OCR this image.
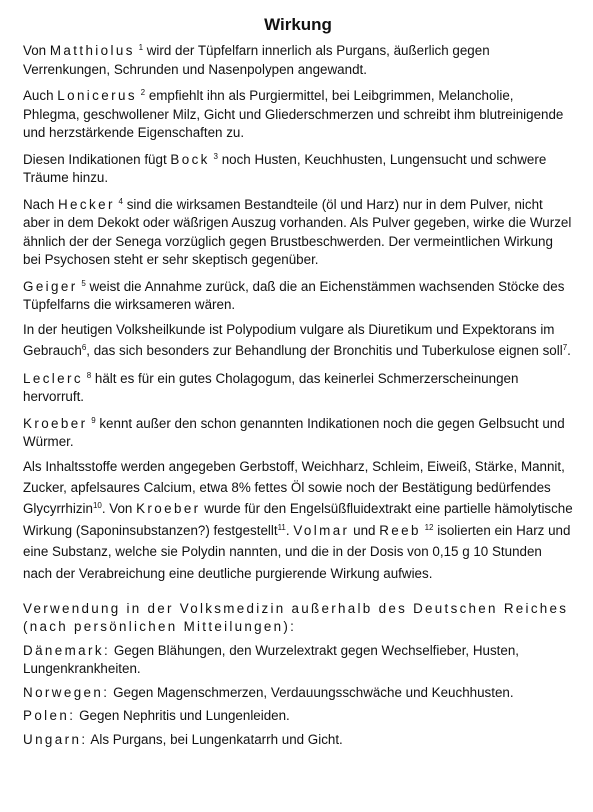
Wirkung

Von Matthiolus $^1$ wird der Tüpfelfarn innerlich als Purgans, äußerlich gegen Verrenkungen, Schrunden und Nasenpolypen angewandt.

Auch Lonicerus $^2$ empfiehlt ihn als Purgiermittel, bei Leibgrimmen, Melancholie, Phlegma, geschwollener Milz, Gicht und Gliederschmerzen und schreibt ihm blutreinigende und herzstärkende Eigenschaften zu.

Diesen Indikationen fügt Bock $^3$ noch Husten, Keuchhusten, Lungensucht und schwere Träume hinzu.

Nach Hecker $^4$ sind die wirksamen Bestandteile (öl und Harz) nur in dem Pulver, nicht aber in dem Dekokt oder wäßrigen Auszug vorhanden. Als Pulver gegeben, wirke die Wurzel ähnlich der der Senega vorzüglich gegen Brustbeschwerden. Der vermeintlichen Wirkung bei Psychosen steht er sehr skeptisch gegenüber.

Geiger $^5$ weist die Annahme zurück, daß die an Eichenstämmen wachsenden Stöcke des Tüpfelfarns die wirksameren wären.

In der heutigen Volksheilkunde ist Polypodium vulgare als Diuretikum und Expektorans im Gebrauch$^6$, das sich besonders zur Behandlung der Bronchitis und Tuberkulose eignen soll$^7$.

Leclerc $^8$ hält es für ein gutes Cholagogum, das keinerlei Schmerzerscheinungen hervorruft.

Kroeber $^9$ kennt außer den schon genannten Indikationen noch die gegen Gelbsucht und Würmer.

Als Inhaltsstoffe werden angegeben Gerbstoff, Weichharz, Schleim, Eiweiß, Stärke, Mannit, Zucker, apfelsaures Calcium, etwa 8% fettes Öl sowie noch der Bestätigung bedürfendes Glycyrrhizin$^{10}$. Von Kroeber wurde für den Engelsüßfluidextrakt eine partielle hämolytische Wirkung (Saponinsubstanzen?) festgestellt$^{11}$. Volmar und Reeb $^{12}$ isolierten ein Harz und eine Substanz, welche sie Polydin nannten, und die in der Dosis von 0,15 g 10 Stunden nach der Verabreichung eine deutliche purgierende Wirkung aufwies.

Verwendung in der Volksmedizin außerhalb des Deutschen Reiches (nach persönlichen Mitteilungen):

Dänemark: Gegen Blähungen, den Wurzelextrakt gegen Wechselfieber, Husten, Lungenkrankheiten.

Norwegen: Gegen Magenschmerzen, Verdauungsschwäche und Keuchhusten.

Polen: Gegen Nephritis und Lungenleiden.

Ungarn: Als Purgans, bei Lungenkatarrh und Gicht.
